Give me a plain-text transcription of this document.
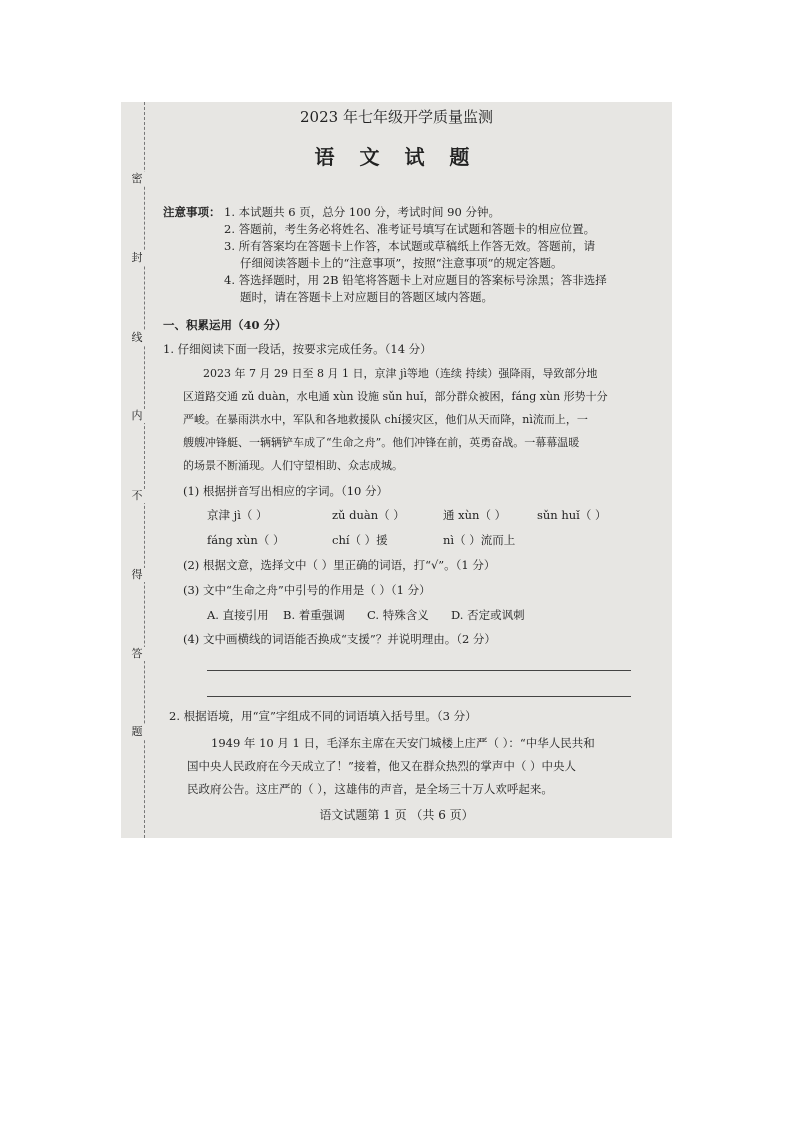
密
封
线
内
不
得
答
题
2023 年七年级开学质量监测
语 文 试 题
注意事项： 1. 本试题共 6 页，总分 100 分，考试时间 90 分钟。
2. 答题前，考生务必将姓名、准考证号填写在试题和答题卡的相应位置。
3. 所有答案均在答题卡上作答，本试题或草稿纸上作答无效。答题前，请
仔细阅读答题卡上的“注意事项”，按照“注意事项”的规定答题。
4. 答选择题时，用 2B 铅笔将答题卡上对应题目的答案标号涂黑；答非选择
题时，请在答题卡上对应题目的答题区域内答题。
一、积累运用（40 分）
1. 仔细阅读下面一段话，按要求完成任务。（14 分）
2023 年 7 月 29 日至 8 月 1 日，京津 jì等地（连续 持续）强降雨，导致部分地
区道路交通 zǔ duàn，水电通 xùn 设施 sǔn huǐ，部分群众被困，fáng xùn 形势十分
严峻。在暴雨洪水中，军队和各地救援队 chí援灾区，他们从天而降，nì流而上，一
艘艘冲锋艇、一辆辆铲车成了“生命之舟”。他们冲锋在前，英勇奋战。一幕幕温暖
的场景不断涌现。人们守望相助、众志成城。
(1) 根据拼音写出相应的字词。（10 分）
京津 jì（ ）	zǔ duàn（ ）	通 xùn（ ）	sǔn huǐ（ ）
fáng xùn（ ）	chí（ ）援	nì（ ）流而上
(2) 根据文意，选择文中（ ）里正确的词语，打“√”。（1 分）
(3) 文中“生命之舟”中引号的作用是（ ）（1 分）
A. 直接引用 B. 着重强调 C. 特殊含义 D. 否定或讽刺
(4) 文中画横线的词语能否换成“支援”？并说明理由。（2 分）
2. 根据语境，用“宣”字组成不同的词语填入括号里。（3 分）
1949 年 10 月 1 日，毛泽东主席在天安门城楼上庄严（ ）：“中华人民共和
国中央人民政府在今天成立了！”接着，他又在群众热烈的掌声中（ ）中央人
民政府公告。这庄严的（ ），这雄伟的声音，是全场三十万人欢呼起来。
语文试题第 1 页 （共 6 页）
